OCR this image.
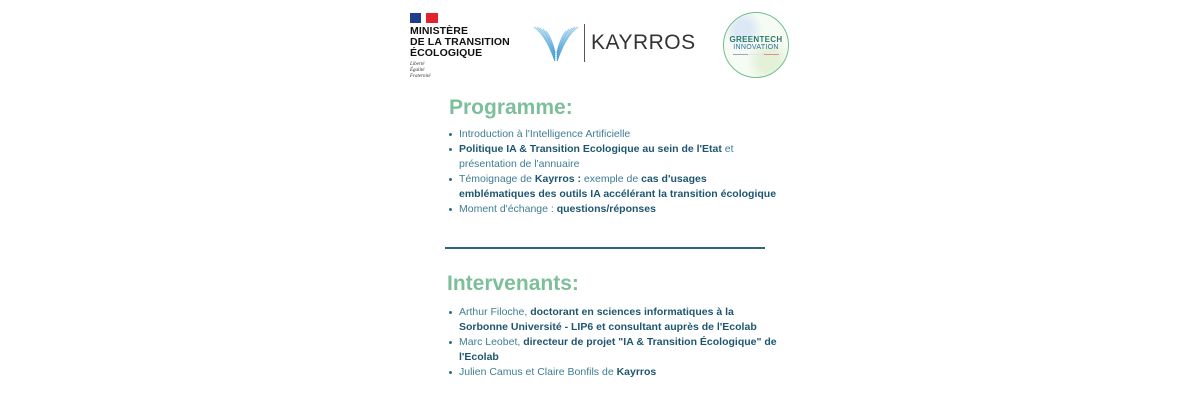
MINISTÈRE
DE LA TRANSITION
ÉCOLOGIQUE
Liberté
Égalité
Fraternité
KAYRROS	GREENTECH
INNOVATION
Programme:
Introduction à l'Intelligence Artificielle
Politique IA & Transition Ecologique au sein de l'Etat et présentation de l'annuaire
Témoignage de Kayrros : exemple de cas d'usages emblématiques des outils IA accélérant la transition écologique
Moment d'échange : questions/réponses
Intervenants:
Arthur Filoche, doctorant en sciences informatiques à la Sorbonne Université - LIP6 et consultant auprès de l'Ecolab
Marc Leobet, directeur de projet "IA & Transition Écologique" de l'Ecolab
Julien Camus et Claire Bonfils de Kayrros
